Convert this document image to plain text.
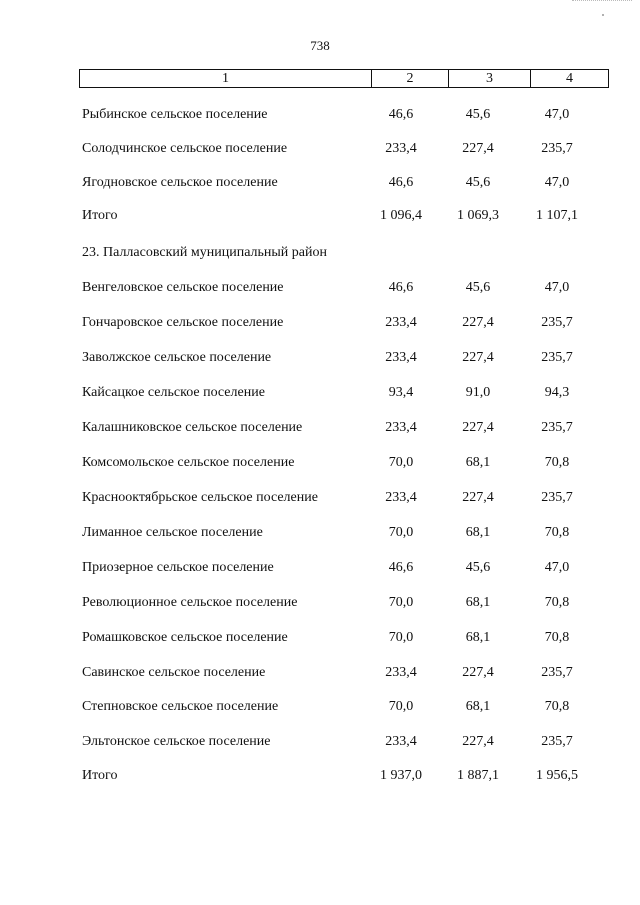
738
1	2	3	4
Рыбинское сельское поселение	46,6	45,6	47,0
Солодчинское сельское поселение	233,4	227,4	235,7
Ягодновское сельское поселение	46,6	45,6	47,0
Итого	1 096,4	1 069,3	1 107,1
23. Палласовский муниципальный район
Венгеловское сельское поселение	46,6	45,6	47,0
Гончаровское сельское поселение	233,4	227,4	235,7
Заволжское сельское поселение	233,4	227,4	235,7
Кайсацкое сельское поселение	93,4	91,0	94,3
Калашниковское сельское поселение	233,4	227,4	235,7
Комсомольское сельское поселение	70,0	68,1	70,8
Краснооктябрьское сельское поселение	233,4	227,4	235,7
Лиманное сельское поселение	70,0	68,1	70,8
Приозерное сельское поселение	46,6	45,6	47,0
Революционное сельское поселение	70,0	68,1	70,8
Ромашковское сельское поселение	70,0	68,1	70,8
Савинское сельское поселение	233,4	227,4	235,7
Степновское сельское поселение	70,0	68,1	70,8
Эльтонское сельское поселение	233,4	227,4	235,7
Итого	1 937,0	1 887,1	1 956,5
